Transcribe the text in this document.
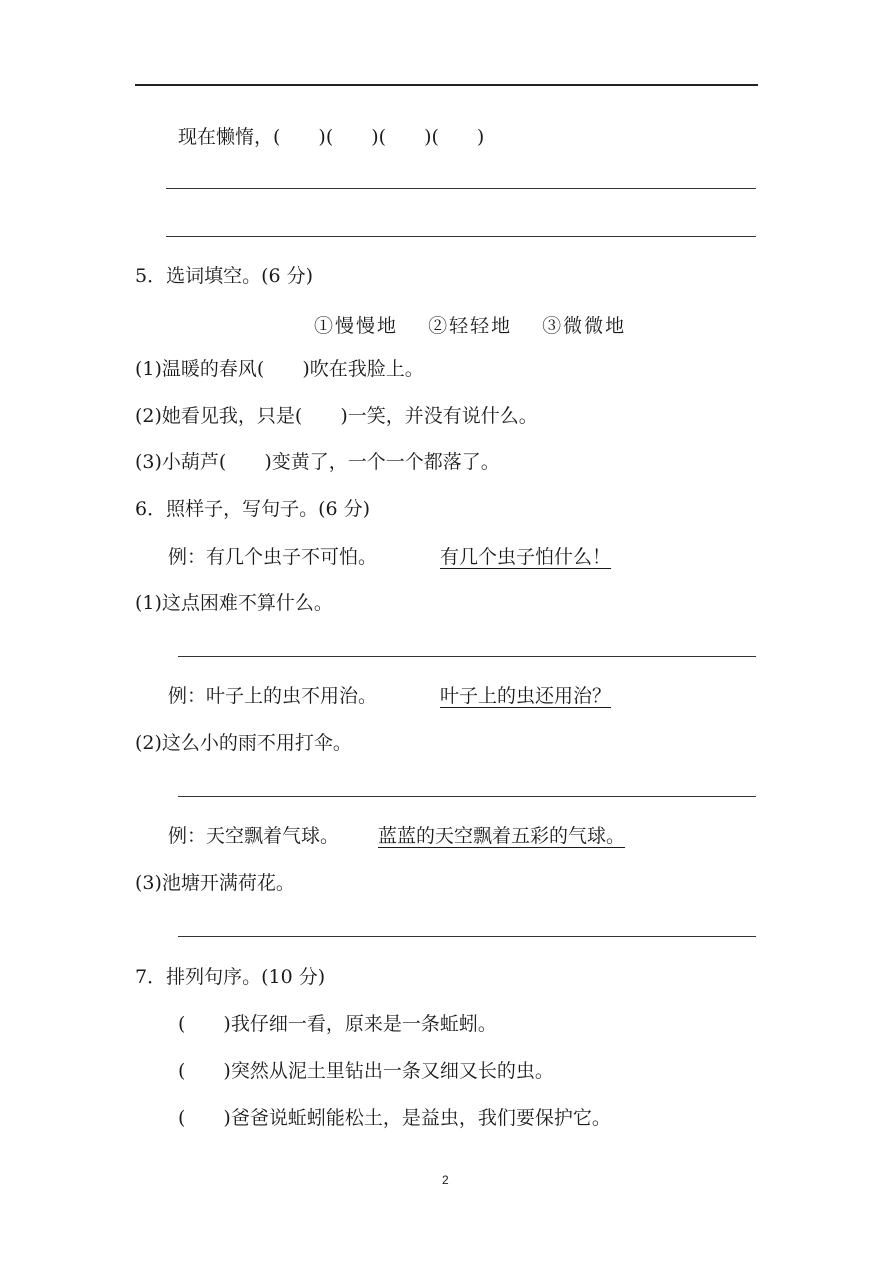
现在懒惰，(　　)(　　)(　　)(　　)
5．选词填空。(6 分)
①慢慢地 ②轻轻地 ③微微地
(1)温暖的春风(　　)吹在我脸上。
(2)她看见我，只是(　　)一笑，并没有说什么。
(3)小葫芦(　　)变黄了，一个一个都落了。
6．照样子，写句子。(6 分)
例：有几个虫子不可怕。	有几个虫子怕什么！
(1)这点困难不算什么。
例：叶子上的虫不用治。	叶子上的虫还用治？
(2)这么小的雨不用打伞。
例：天空飘着气球。 蓝蓝的天空飘着五彩的气球。
(3)池塘开满荷花。
7．排列句序。(10 分)
(　　)我仔细一看，原来是一条蚯蚓。
(　　)突然从泥土里钻出一条又细又长的虫。
(　　)爸爸说蚯蚓能松土，是益虫，我们要保护它。
2
